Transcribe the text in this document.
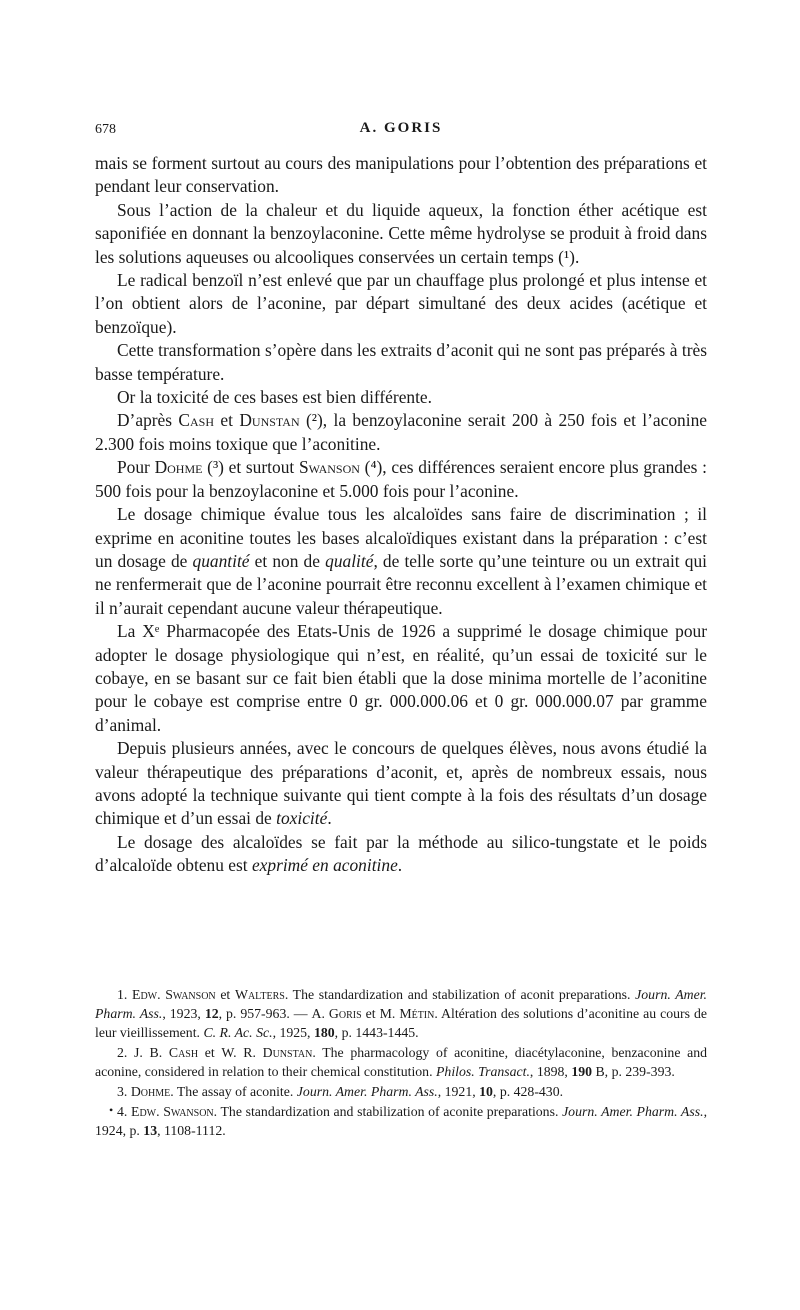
678	A. GORIS

mais se forment surtout au cours des manipulations pour l’obtention des préparations et pendant leur conservation.

Sous l’action de la chaleur et du liquide aqueux, la fonction éther acétique est saponifiée en donnant la benzoylaconine. Cette même hydrolyse se produit à froid dans les solutions aqueuses ou alcooliques conservées un certain temps (¹).

Le radical benzoïl n’est enlevé que par un chauffage plus prolongé et plus intense et l’on obtient alors de l’aconine, par départ simultané des deux acides (acétique et benzoïque).

Cette transformation s’opère dans les extraits d’aconit qui ne sont pas préparés à très basse température.

Or la toxicité de ces bases est bien différente.

D’après Cash et Dunstan (²), la benzoylaconine serait 200 à 250 fois et l’aconine 2.300 fois moins toxique que l’aconitine.

Pour Dohme (³) et surtout Swanson (⁴), ces différences seraient encore plus grandes : 500 fois pour la benzoylaconine et 5.000 fois pour l’aconine.

Le dosage chimique évalue tous les alcaloïdes sans faire de discrimination ; il exprime en aconitine toutes les bases alcaloïdiques existant dans la préparation : c’est un dosage de quantité et non de qualité, de telle sorte qu’une teinture ou un extrait qui ne renfermerait que de l’aconine pourrait être reconnu excellent à l’examen chimique et il n’aurait cependant aucune valeur thérapeutique.

La Xᵉ Pharmacopée des Etats-Unis de 1926 a supprimé le dosage chimique pour adopter le dosage physiologique qui n’est, en réalité, qu’un essai de toxicité sur le cobaye, en se basant sur ce fait bien établi que la dose minima mortelle de l’aconitine pour le cobaye est comprise entre 0 gr. 000.000.06 et 0 gr. 000.000.07 par gramme d’animal.

Depuis plusieurs années, avec le concours de quelques élèves, nous avons étudié la valeur thérapeutique des préparations d’aconit, et, après de nombreux essais, nous avons adopté la technique suivante qui tient compte à la fois des résultats d’un dosage chimique et d’un essai de toxicité.

Le dosage des alcaloïdes se fait par la méthode au silico-tungstate et le poids d’alcaloïde obtenu est exprimé en aconitine.

1. Edw. Swanson et Walters. The standardization and stabilization of aconit preparations. Journ. Amer. Pharm. Ass., 1923, 12, p. 957-963. — A. Goris et M. Métin. Altération des solutions d’aconitine au cours de leur vieillissement. C. R. Ac. Sc., 1925, 180, p. 1443-1445.

2. J. B. Cash et W. R. Dunstan. The pharmacology of aconitine, diacétylaconine, benzaconine and aconine, considered in relation to their chemical constitution. Philos. Transact., 1898, 190 B, p. 239-393.

3. Dohme. The assay of aconite. Journ. Amer. Pharm. Ass., 1921, 10, p. 428-430.

• 4. Edw. Swanson. The standardization and stabilization of aconite preparations. Journ. Amer. Pharm. Ass., 1924, p. 13, 1108-1112.
